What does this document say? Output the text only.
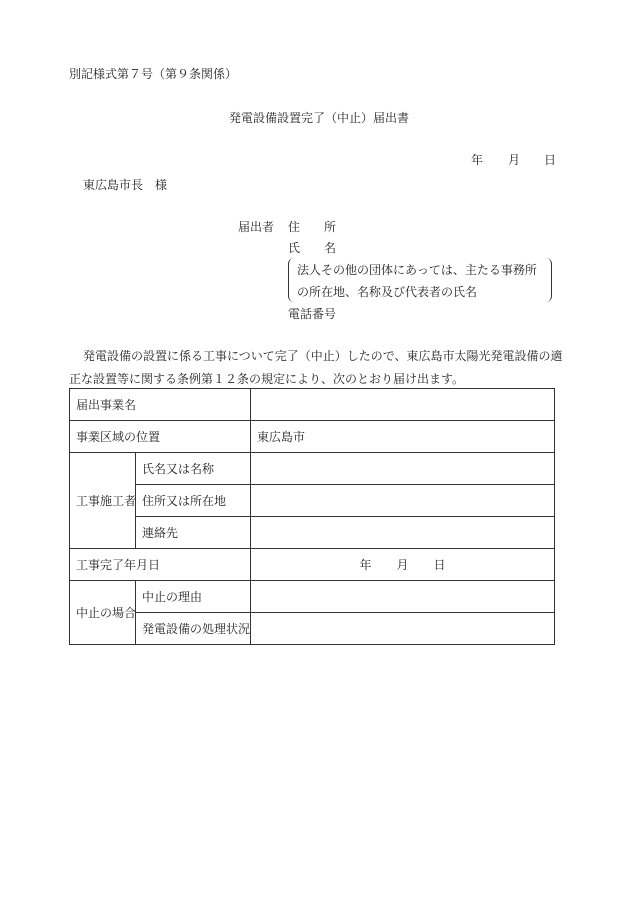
別記様式第７号（第９条関係）
発電設備設置完了（中止）届出書
年 月 日
東広島市長　様
届出者 住　　所
氏　　名
法人その他の団体にあっては、主たる事務所
の所在地、名称及び代表者の氏名
電話番号
発電設備の設置に係る工事について完了（中止）したので、東広島市太陽光発電設備の適
正な設置等に関する条例第１２条の規定により、次のとおり届け出ます。
届出事業名		
事業区域の位置		東広島市
工事施工者	氏名又は名称	
	住所又は所在地	
	連絡先	
工事完了年月日		年 月 日
中止の場合	中止の理由	
	発電設備の処理状況	
